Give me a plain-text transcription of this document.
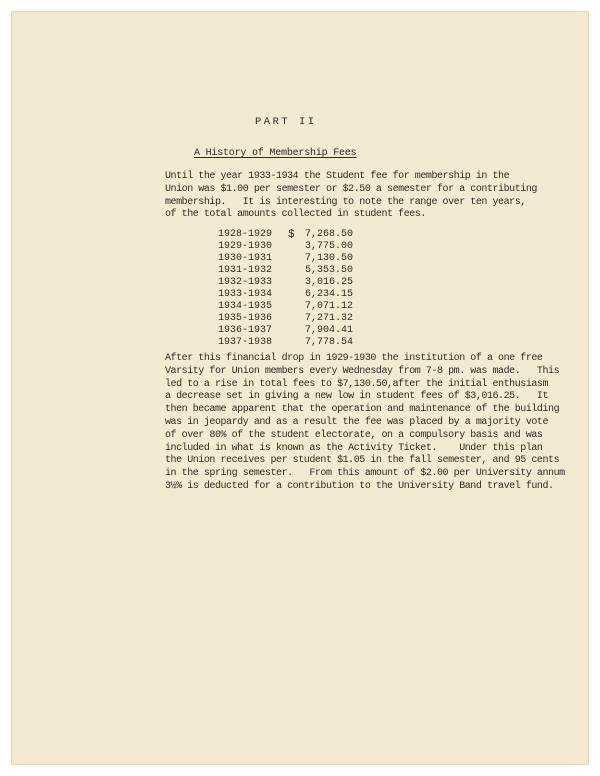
PART II
A History of Membership Fees
Until the year 1933-1934 the Student fee for membership in the
Union was $1.00 per semester or $2.50 a semester for a contributing
membership.   It is interesting to note the range over ten years,
of the total amounts collected in student fees.
1928-1929	$	7,268.50
1929-1930		3,775.00
1930-1931		7,130.50
1931-1932		5,353.50
1932-1933		3,016.25
1933-1934		6,234.15
1934-1935		7,071.12
1935-1936		7,271.32
1936-1937		7,904.41
1937-1938		7,778.54
After this financial drop in 1929-1930 the institution of a one free
Varsity for Union members every Wednesday from 7-8 pm. was made.   This
led to a rise in total fees to $7,130.50,after the initial enthusiasm
a decrease set in giving a new low in student fees of $3,016.25.   It
then became apparent that the operation and maintenance of the building
was in jeopardy and as a result the fee was placed by a majority vote
of over 80% of the student electorate, on a compulsory basis and was
included in what is known as the Activity Ticket.    Under this plan
the Union receives per student $1.05 in the fall semester, and 95 cents
in the spring semester.   From this amount of $2.00 per University annum
3½% is deducted for a contribution to the University Band travel fund.
